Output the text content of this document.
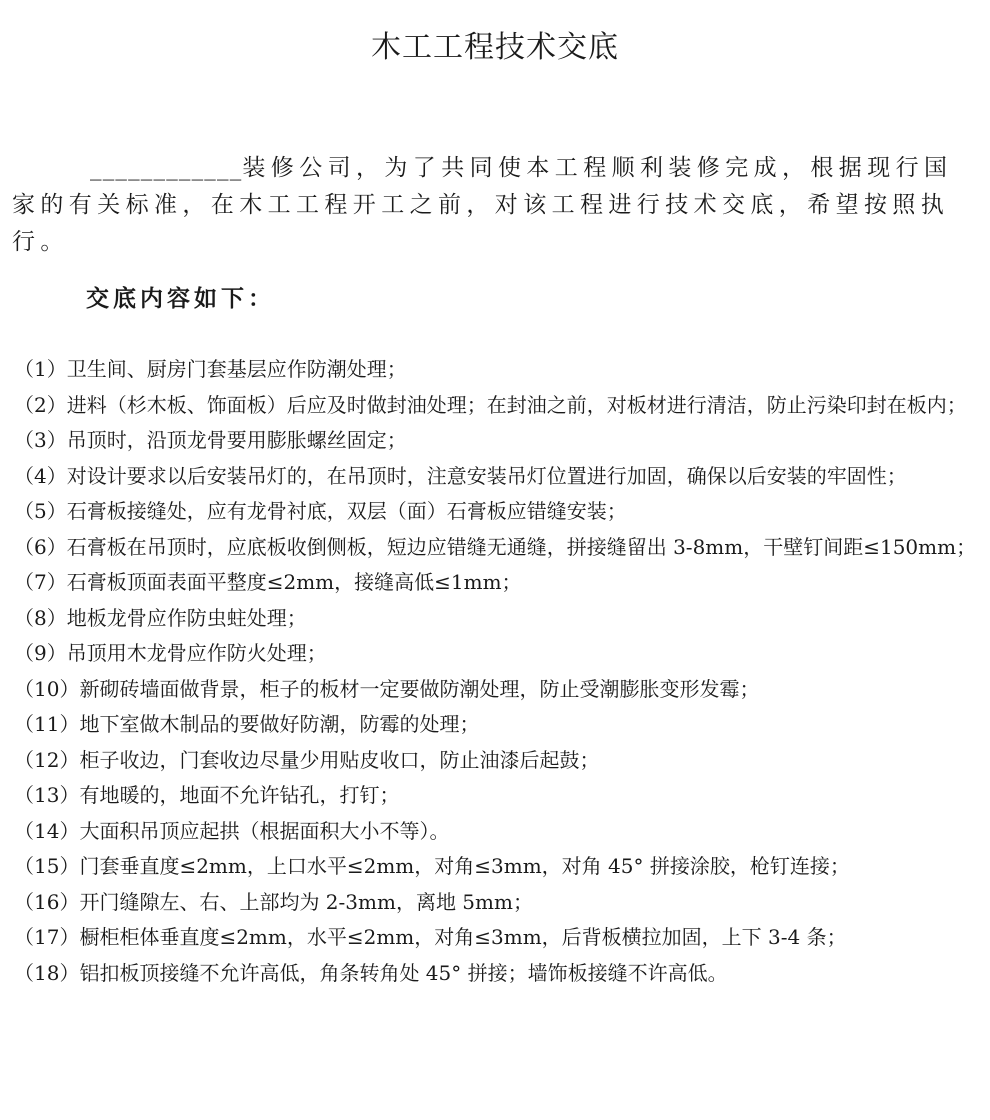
木工工程技术交底

____________装修公司，为了共同使本工程顺利装修完成，根据现行国家的有关标准，在木工工程开工之前，对该工程进行技术交底，希望按照执行。

交底内容如下：
（1）卫生间、厨房门套基层应作防潮处理；
（2）进料（杉木板、饰面板）后应及时做封油处理；在封油之前，对板材进行清洁，防止污染印封在板内；
（3）吊顶时，沿顶龙骨要用膨胀螺丝固定；
（4）对设计要求以后安装吊灯的，在吊顶时，注意安装吊灯位置进行加固，确保以后安装的牢固性；
（5）石膏板接缝处，应有龙骨衬底，双层（面）石膏板应错缝安装；
（6）石膏板在吊顶时，应底板收倒侧板，短边应错缝无通缝，拼接缝留出 3-8mm，干壁钉间距≤150mm；
（7）石膏板顶面表面平整度≤2mm，接缝高低≤1mm；
（8）地板龙骨应作防虫蛀处理；
（9）吊顶用木龙骨应作防火处理；
（10）新砌砖墙面做背景，柜子的板材一定要做防潮处理，防止受潮膨胀变形发霉；
（11）地下室做木制品的要做好防潮，防霉的处理；
（12）柜子收边，门套收边尽量少用贴皮收口，防止油漆后起鼓；
（13）有地暖的，地面不允许钻孔，打钉；
（14）大面积吊顶应起拱（根据面积大小不等）。
（15）门套垂直度≤2mm，上口水平≤2mm，对角≤3mm，对角 45° 拼接涂胶，枪钉连接；
（16）开门缝隙左、右、上部均为 2-3mm，离地 5mm；
（17）橱柜柜体垂直度≤2mm，水平≤2mm，对角≤3mm，后背板横拉加固，上下 3-4 条；
（18）铝扣板顶接缝不允许高低，角条转角处 45° 拼接；墙饰板接缝不许高低。
